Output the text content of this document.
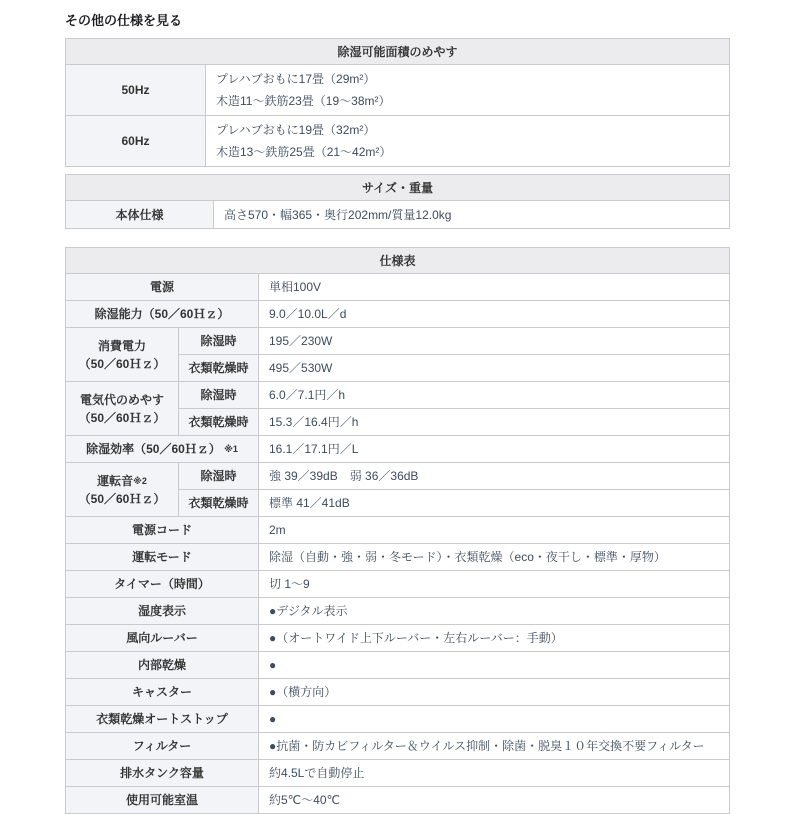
その他の仕様を見る
除湿可能面積のめやす	
50Hz	プレハブおもに17畳（29m²）
木造11～鉄筋23畳（19～38m²）

60Hz	プレハブおもに19畳（32m²）
木造13～鉄筋25畳（21～42m²）
サイズ・重量
本体仕様	高さ570・幅365・奥行202mm/質量12.0kg
仕様表		
電源		単相100V
除湿能力（50／60Ｈｚ）		9.0／10.0L／d

消費電力
（50／60Ｈｚ）	除湿時	195／230W
	衣類乾燥時	495／530W

電気代のめやす
（50／60Ｈｚ）	除湿時	6.0／7.1円／h
	衣類乾燥時	15.3／16.4円／h
除湿効率（50／60Ｈｚ） ※1		16.1／17.1円／L

運転音※2
（50／60Ｈｚ）	除湿時	強 39／39dB　弱 36／36dB
	衣類乾燥時	標準 41／41dB
電源コード		2m
運転モード		除湿（自動・強・弱・冬モード）・衣類乾燥（eco・夜干し・標準・厚物）
タイマー（時間）		切 1～9
湿度表示		●デジタル表示
風向ルーバー		●（オートワイド上下ルーバー・左右ルーバー：手動）
内部乾燥		●
キャスター		●（横方向）
衣類乾燥オートストップ		●
フィルター		●抗菌・防カビフィルター＆ウイルス抑制・除菌・脱臭１０年交換不要フィルター
排水タンク容量		約4.5Lで自動停止
使用可能室温		約5℃～40℃
